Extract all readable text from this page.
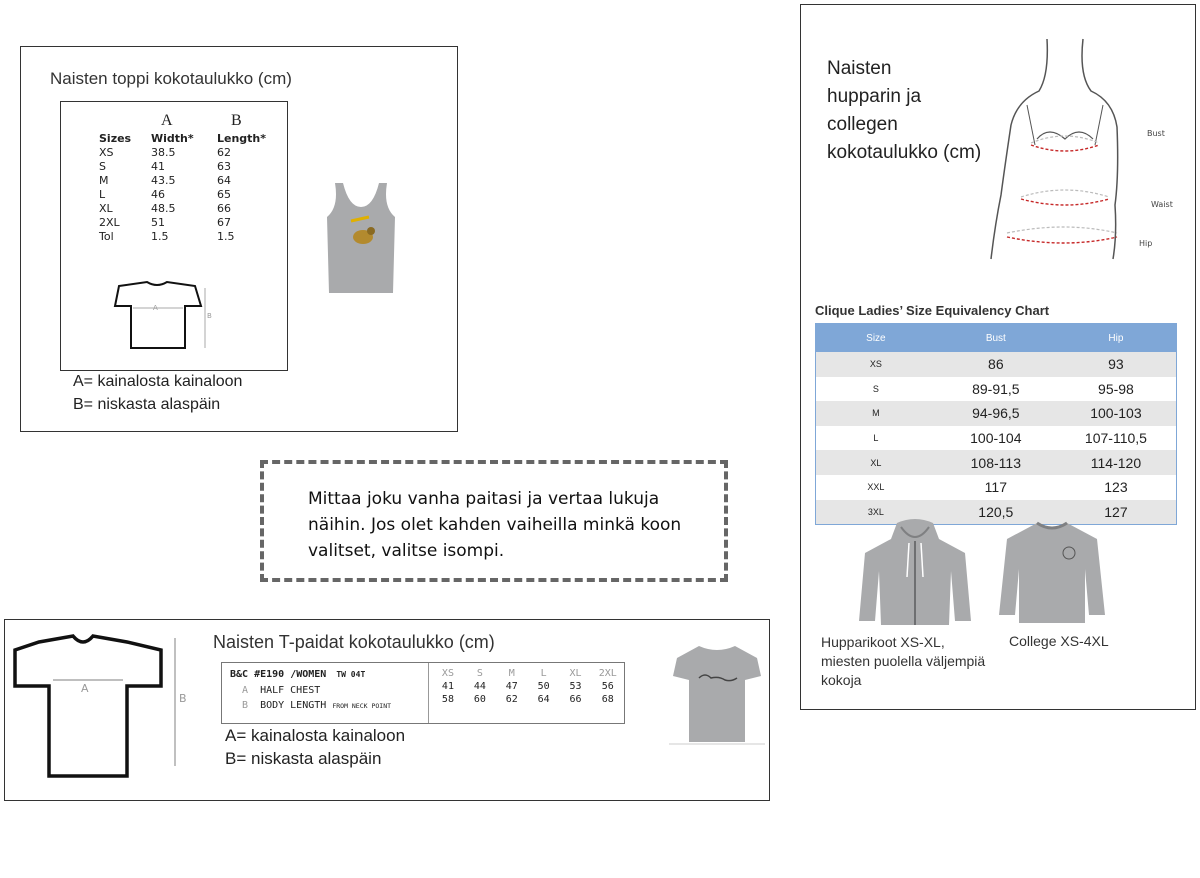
Naisten toppi kokotaulukko (cm)
A	B
Sizes	Width*	Length*
XS	38.5	62
S	41	63
M	43.5	64
L	46	65
XL	48.5	66
2XL	51	67
Tol	1.5	1.5
A
B
A= kainalosta kainaloon
B= niskasta alaspäin
Mittaa joku vanha paitasi ja vertaa lukuja näihin. Jos olet kahden vaiheilla minkä koon valitset, valitse isompi.
A
B
Naisten T-paidat kokotaulukko (cm)
B&C #E190 /WOMEN TW 04T
A HALF CHEST
B BODY LENGTH FROM NECK POINT
XS	S	M	L	XL	2XL
41	44	47	50	53	56
58	60	62	64	66	68
A= kainalosta kainaloon
B= niskasta alaspäin
Naisten
hupparin ja
collegen
kokotaulukko (cm)
Bust
Waist
Hip
Clique Ladies’ Size Equivalency Chart
Size	Bust	Hip
XS	86	93
S	89-91,5	95-98
M	94-96,5	100-103
L	100-104	107-110,5
XL	108-113	114-120
XXL	117	123
3XL	120,5	127
Hupparikoot XS-XL,
miesten puolella väljempiä
kokoja
College XS-4XL
